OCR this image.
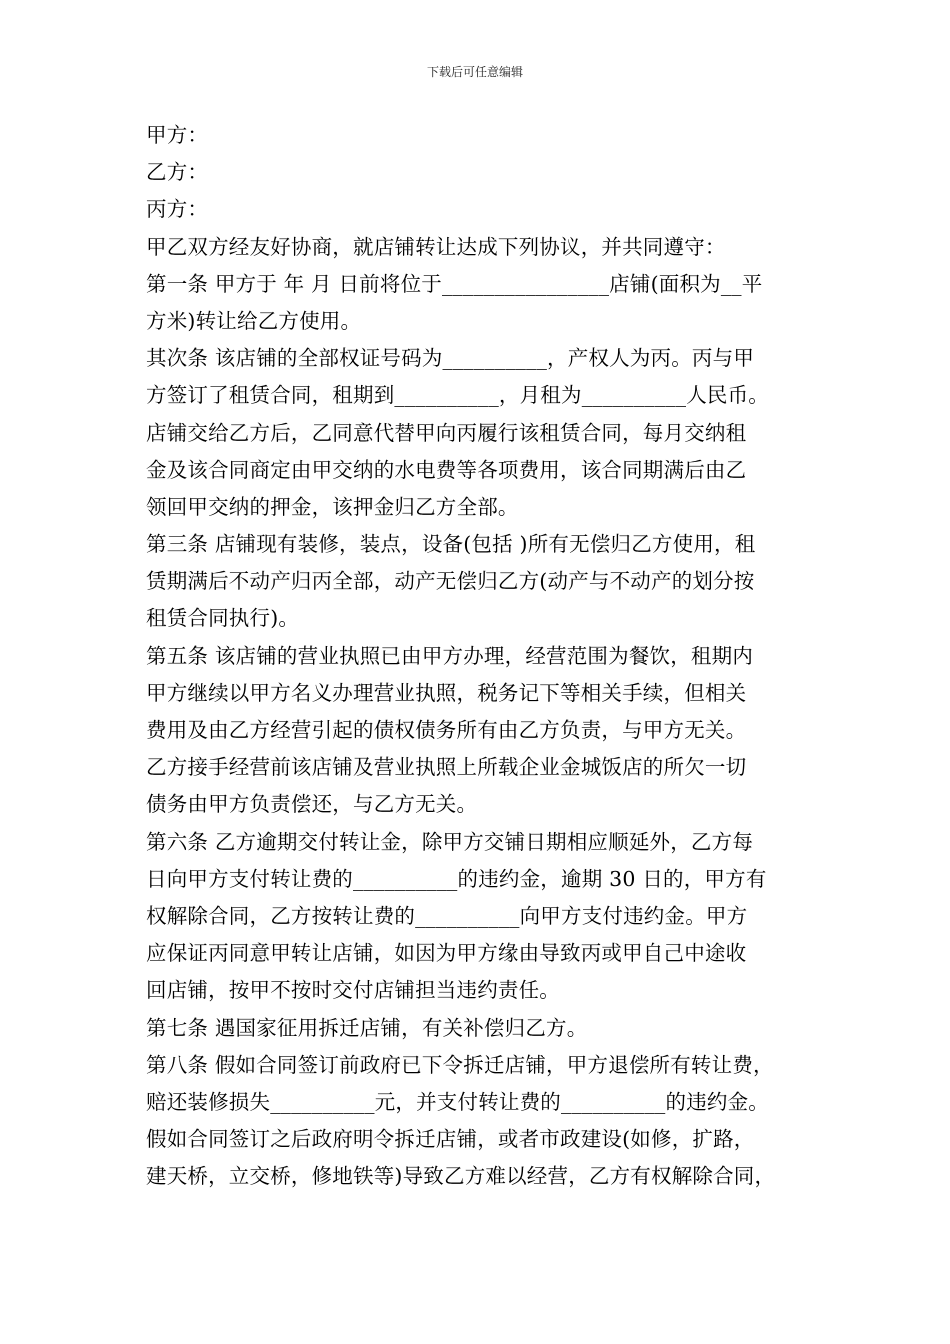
下载后可任意编辑
甲方：
乙方：
丙方：
甲乙双方经友好协商，就店铺转让达成下列协议，并共同遵守：
第一条 甲方于 年 月 日前将位于________________店铺(面积为__平
方米)转让给乙方使用。
其次条 该店铺的全部权证号码为__________，产权人为丙。丙与甲
方签订了租赁合同，租期到__________，月租为__________人民币。
店铺交给乙方后，乙同意代替甲向丙履行该租赁合同，每月交纳租
金及该合同商定由甲交纳的水电费等各项费用，该合同期满后由乙
领回甲交纳的押金，该押金归乙方全部。
第三条 店铺现有装修，装点，设备(包括 )所有无偿归乙方使用，租
赁期满后不动产归丙全部，动产无偿归乙方(动产与不动产的划分按
租赁合同执行)。
第五条 该店铺的营业执照已由甲方办理，经营范围为餐饮，租期内
甲方继续以甲方名义办理营业执照，税务记下等相关手续，但相关
费用及由乙方经营引起的债权债务所有由乙方负责，与甲方无关。
乙方接手经营前该店铺及营业执照上所载企业金城饭店的所欠一切
债务由甲方负责偿还，与乙方无关。
第六条 乙方逾期交付转让金，除甲方交铺日期相应顺延外，乙方每
日向甲方支付转让费的__________的违约金，逾期 30 日的，甲方有
权解除合同，乙方按转让费的__________向甲方支付违约金。甲方
应保证丙同意甲转让店铺，如因为甲方缘由导致丙或甲自己中途收
回店铺，按甲不按时交付店铺担当违约责任。
第七条 遇国家征用拆迁店铺，有关补偿归乙方。
第八条 假如合同签订前政府已下令拆迁店铺，甲方退偿所有转让费，
赔还装修损失__________元，并支付转让费的__________的违约金。
假如合同签订之后政府明令拆迁店铺，或者市政建设(如修，扩路，
建天桥，立交桥，修地铁等)导致乙方难以经营，乙方有权解除合同，
